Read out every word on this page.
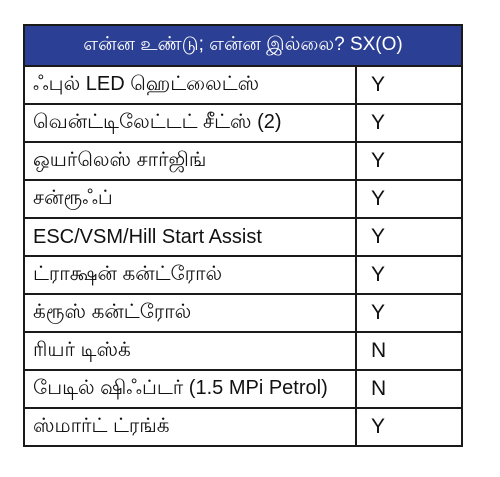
என்ன உண்டு; என்ன இல்லை? SX(O)	
ஃபுல் LED ஹெட்லைட்ஸ்	Y
வென்ட்டிலேட்டட் சீட்ஸ் (2)	Y
ஒயர்லெஸ் சார்ஜிங்	Y
சன்ரூஃப்	Y
ESC/VSM/Hill Start Assist	Y
ட்ராக்ஷன் கன்ட்ரோல்	Y
க்ரூஸ் கன்ட்ரோல்	Y
ரியர் டிஸ்க்	N
பேடில் ஷிஃப்டர் (1.5 MPi Petrol)	N
ஸ்மார்ட் ட்ரங்க்	Y
